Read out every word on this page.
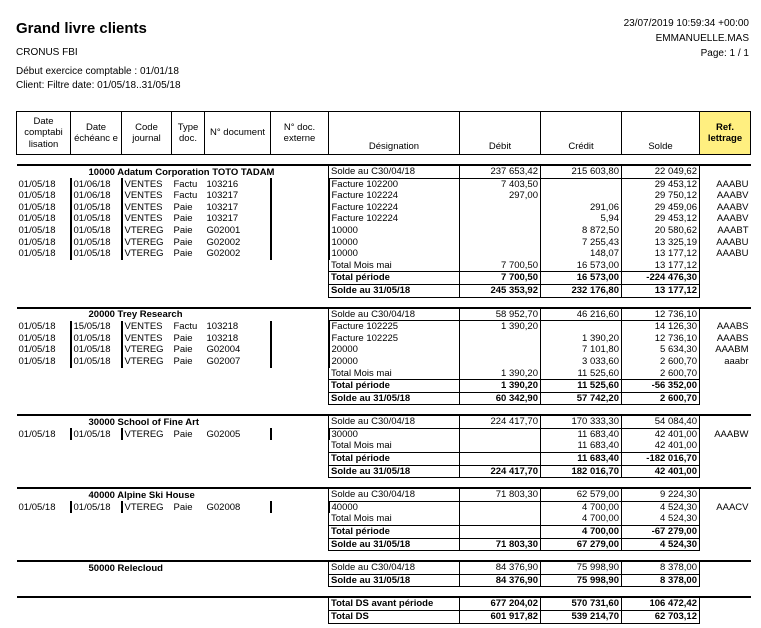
Grand livre clients
CRONUS FBI
Début exercice comptable : 01/01/18
Client: Filtre date: 01/05/18..31/05/18
23/07/2019 10:59:34 +00:00
EMMANUELLE.MAS
Page: 1 / 1
Date comptabi lisation	Date échéanc e	Code journal	Type doc.	N° document	N° doc. externe	Désignation	Débit	Crédit	Solde	Ref. lettrage

10000 Adatum Corporation TOTO TADAM						Solde au C30/04/18	237 653,42	215 603,80	22 049,62	
01/05/18	01/06/18	VENTES	Factu	103216		Facture 102200	7 403,50		29 453,12	AAABU
01/05/18	01/06/18	VENTES	Factu	103217		Facture 102224	297,00		29 750,12	AAABV
01/05/18	01/05/18	VENTES	Paie	103217		Facture 102224		291,06	29 459,06	AAABV
01/05/18	01/05/18	VENTES	Paie	103217		Facture 102224		5,94	29 453,12	AAABV
01/05/18	01/05/18	VTEREG	Paie	G02001		10000		8 872,50	20 580,62	AAABT
01/05/18	01/05/18	VTEREG	Paie	G02002		10000		7 255,43	13 325,19	AAABU
01/05/18	01/05/18	VTEREG	Paie	G02002		10000		148,07	13 177,12	AAABU
						Total Mois mai	7 700,50	16 573,00	13 177,12	
						Total période	7 700,50	16 573,00	-224 476,30	
						Solde au 31/05/18	245 353,92	232 176,80	13 177,12	

20000 Trey Research						Solde au C30/04/18	58 952,70	46 216,60	12 736,10	
01/05/18	15/05/18	VENTES	Factu	103218		Facture 102225	1 390,20		14 126,30	AAABS
01/05/18	01/05/18	VENTES	Paie	103218		Facture 102225		1 390,20	12 736,10	AAABS
01/05/18	01/05/18	VTEREG	Paie	G02004		20000		7 101,80	5 634,30	AAABM
01/05/18	01/05/18	VTEREG	Paie	G02007		20000		3 033,60	2 600,70	aaabr
						Total Mois mai	1 390,20	11 525,60	2 600,70	
						Total période	1 390,20	11 525,60	-56 352,00	
						Solde au 31/05/18	60 342,90	57 742,20	2 600,70	

30000 School of Fine Art						Solde au C30/04/18	224 417,70	170 333,30	54 084,40	
01/05/18	01/05/18	VTEREG	Paie	G02005		30000		11 683,40	42 401,00	AAABW
						Total Mois mai		11 683,40	42 401,00	
						Total période		11 683,40	-182 016,70	
						Solde au 31/05/18	224 417,70	182 016,70	42 401,00	

40000 Alpine Ski House						Solde au C30/04/18	71 803,30	62 579,00	9 224,30	
01/05/18	01/05/18	VTEREG	Paie	G02008		40000		4 700,00	4 524,30	AAACV
						Total Mois mai		4 700,00	4 524,30	
						Total période		4 700,00	-67 279,00	
						Solde au 31/05/18	71 803,30	67 279,00	4 524,30	

50000 Relecloud						Solde au C30/04/18	84 376,90	75 998,90	8 378,00	
						Solde au 31/05/18	84 376,90	75 998,90	8 378,00	

						Total DS avant période	677 204,02	570 731,60	106 472,42	
						Total DS	601 917,82	539 214,70	62 703,12	
